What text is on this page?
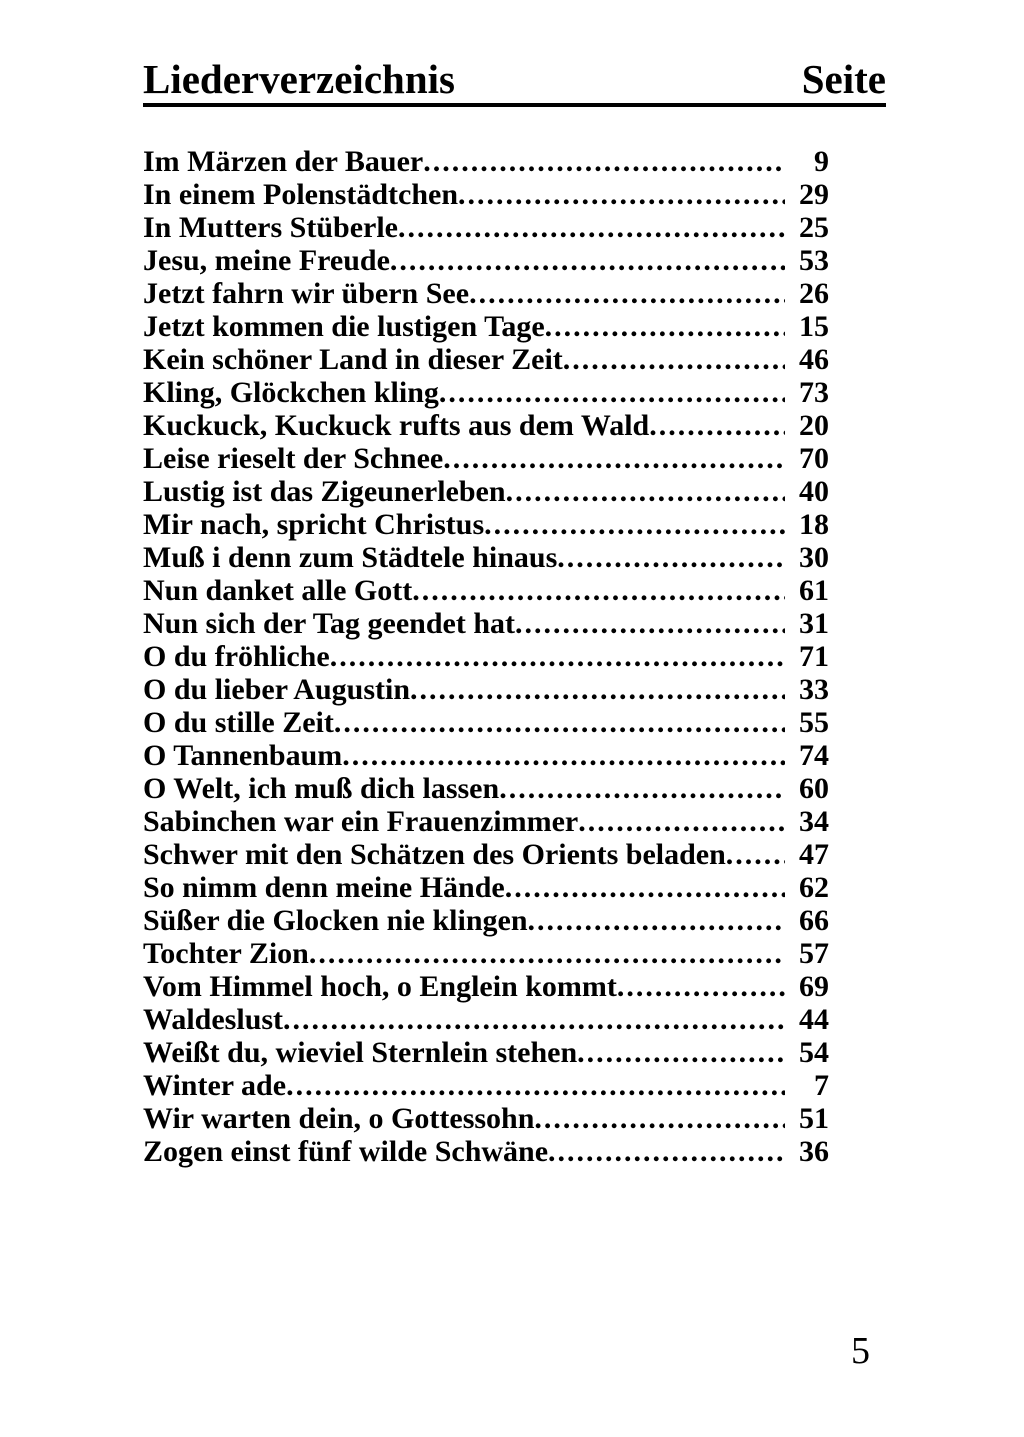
Liederverzeichnis	Seite
Im Märzen der Bauer .....	9
In einem Polenstädtchen .....	29
In Mutters Stüberle .....	25
Jesu, meine Freude .....	53
Jetzt fahrn wir übern See .....	26
Jetzt kommen die lustigen Tage .....	15
Kein schöner Land in dieser Zeit .....	46
Kling, Glöckchen kling .....	73
Kuckuck, Kuckuck rufts aus dem Wald .....	20
Leise rieselt der Schnee .....	70
Lustig ist das Zigeunerleben .....	40
Mir nach, spricht Christus .....	18
Muß i denn zum Städtele hinaus .....	30
Nun danket alle Gott .....	61
Nun sich der Tag geendet hat .....	31
O du fröhliche .....	71
O du lieber Augustin .....	33
O du stille Zeit .....	55
O Tannenbaum .....	74
O Welt, ich muß dich lassen .....	60
Sabinchen war ein Frauenzimmer .....	34
Schwer mit den Schätzen des Orients beladen .....	47
So nimm denn meine Hände .....	62
Süßer die Glocken nie klingen .....	66
Tochter Zion .....	57
Vom Himmel hoch, o Englein kommt .....	69
Waldeslust .....	44
Weißt du, wieviel Sternlein stehen .....	54
Winter ade .....	7
Wir warten dein, o Gottessohn .....	51
Zogen einst fünf wilde Schwäne .....	36
5
